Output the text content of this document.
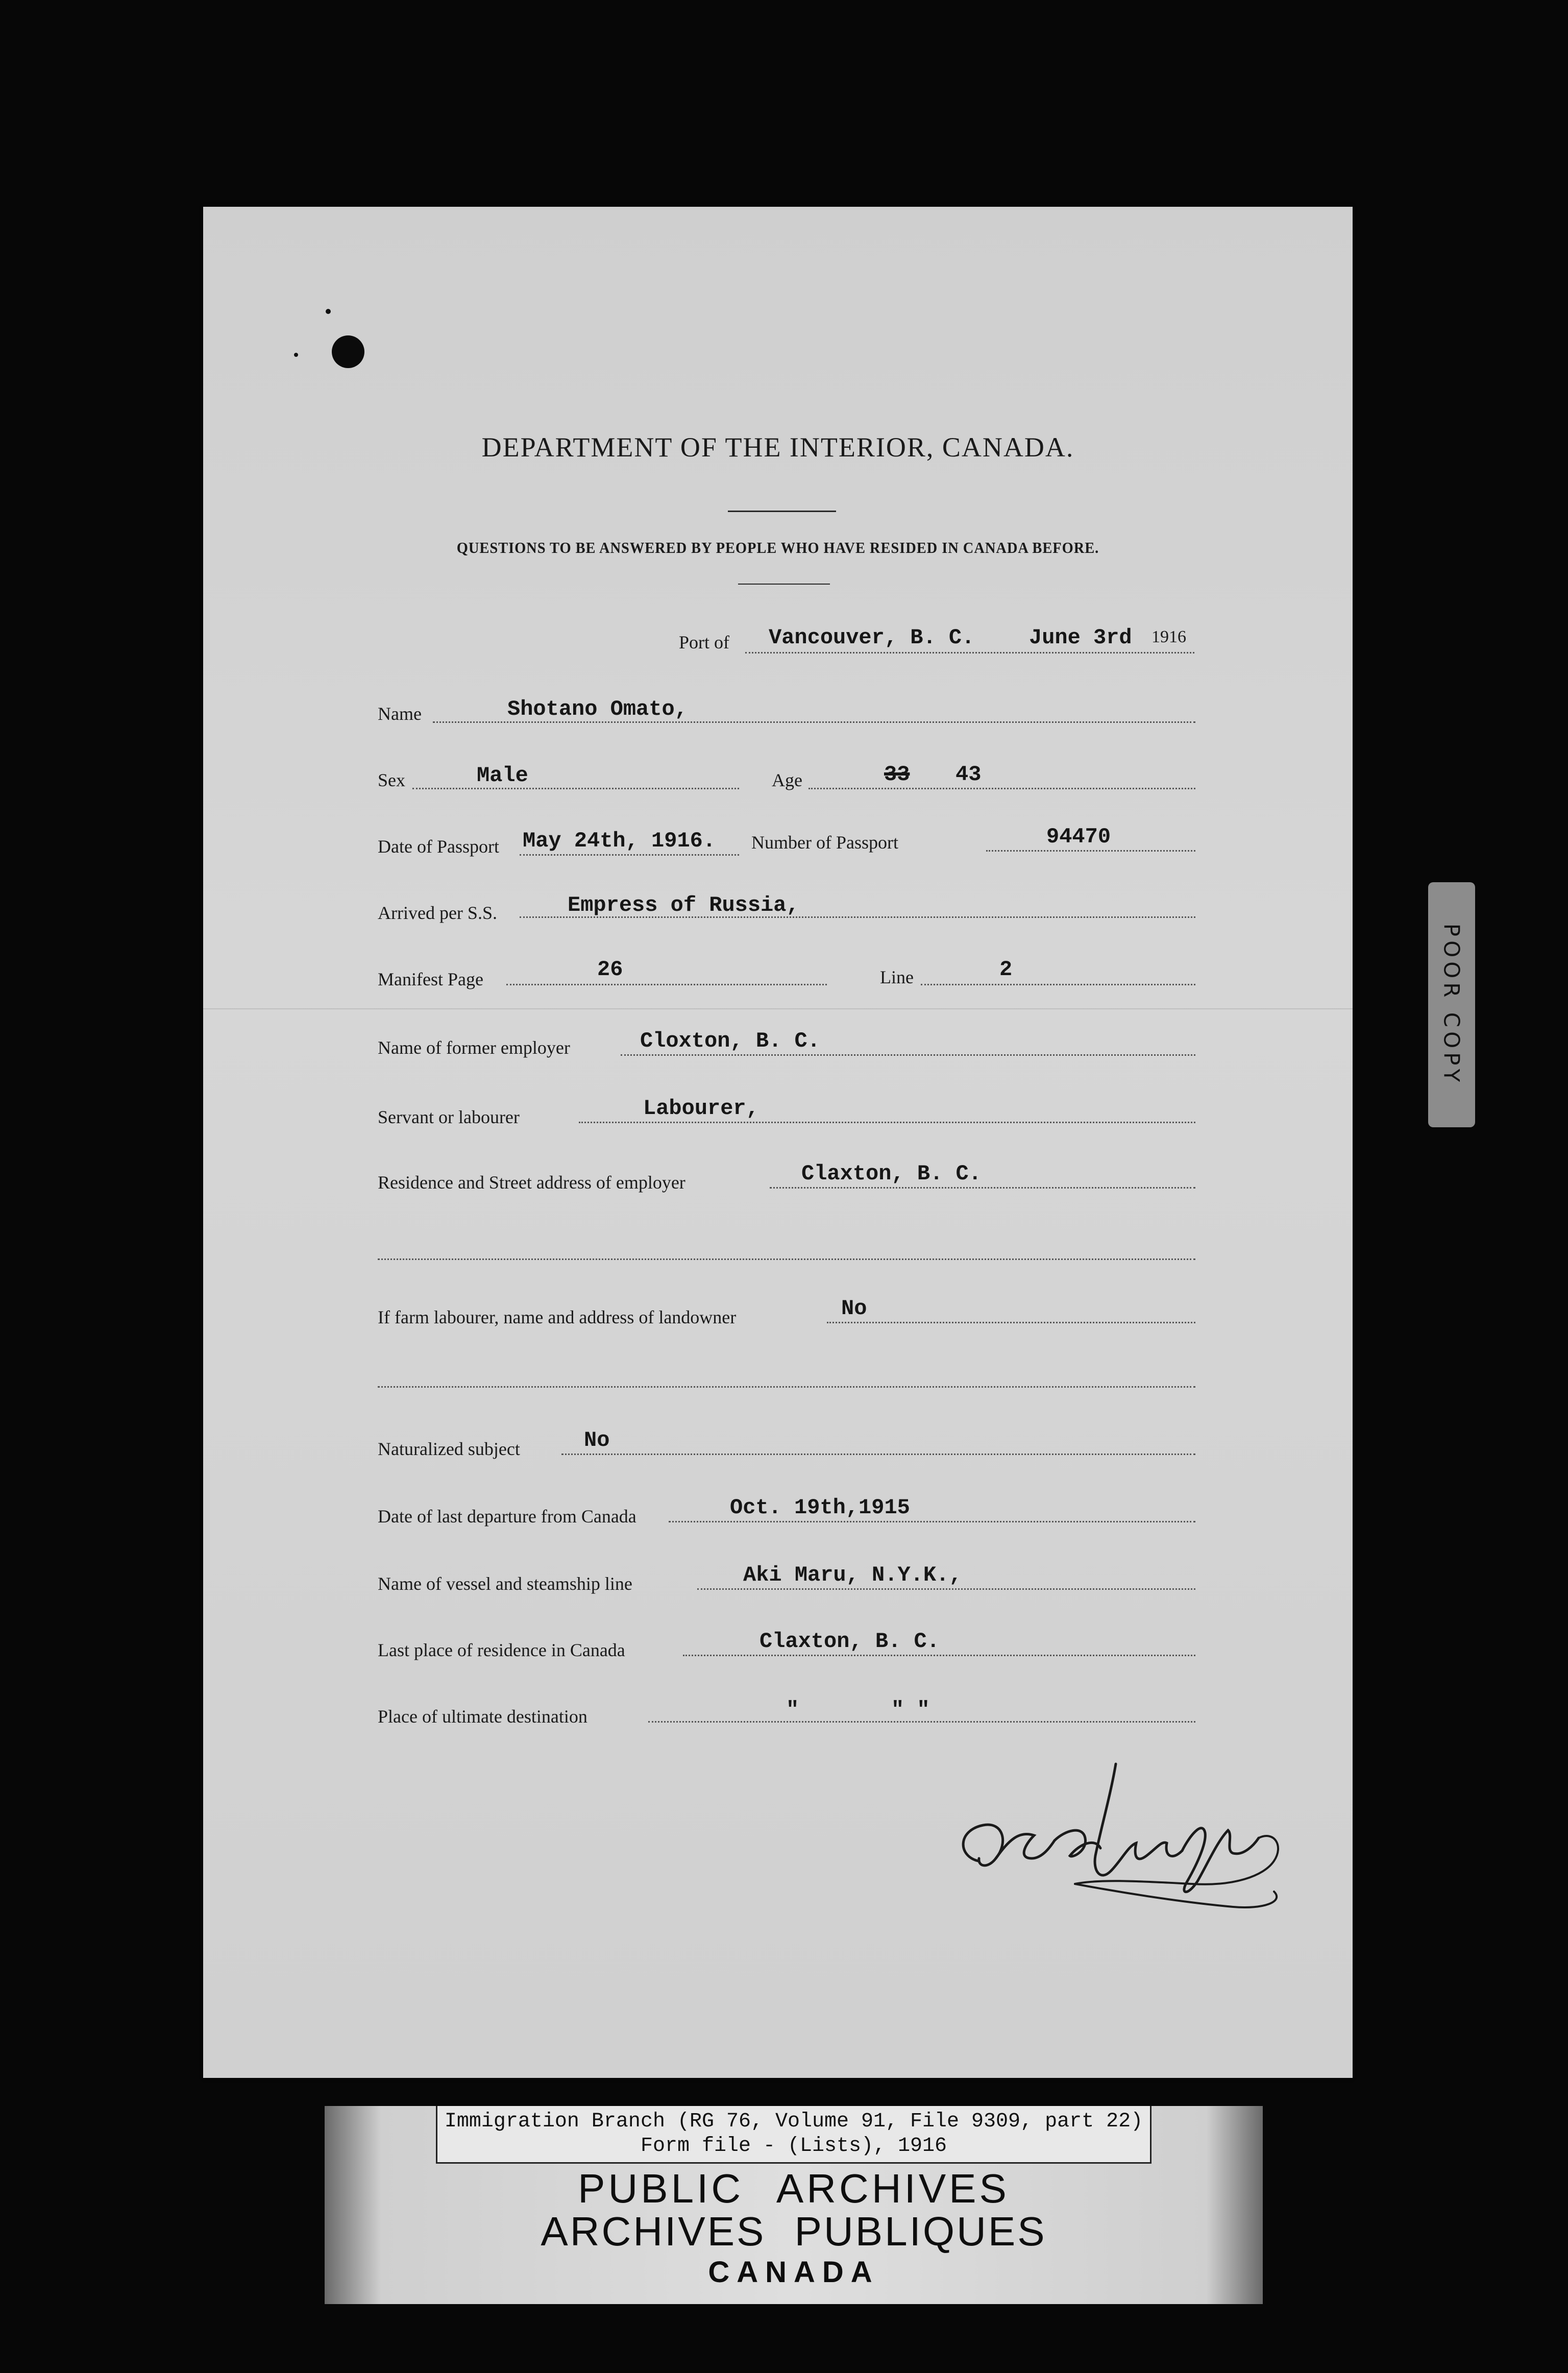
DEPARTMENT OF THE INTERIOR, CANADA.
QUESTIONS TO BE ANSWERED BY PEOPLE WHO HAVE RESIDED IN CANADA BEFORE.
Port of Vancouver, B. C.	June 3rd 1916
Name	Shotano Omato,
Sex	Male	Age	33 43
Date of Passport May 24th, 1916. Number of Passport	94470
Arrived per S.S.	Empress of Russia,
Manifest Page	26	Line	2
Name of former employer	Cloxton, B. C.
Servant or labourer	Labourer,
Residence and Street address of employer	Claxton, B. C.
If farm labourer, name and address of landowner	No
Naturalized subject	No
Date of last departure from Canada	Oct. 19th,1915
Name of vessel and steamship line	Aki Maru, N.Y.K.,
Last place of residence in Canada	Claxton, B. C.
Place of ultimate destination	"	" "
POOR COPY
Immigration Branch (RG 76, Volume 91, File 9309, part 22)
Form file - (Lists), 1916
PUBLIC ARCHIVES
ARCHIVES PUBLIQUES
CANADA
